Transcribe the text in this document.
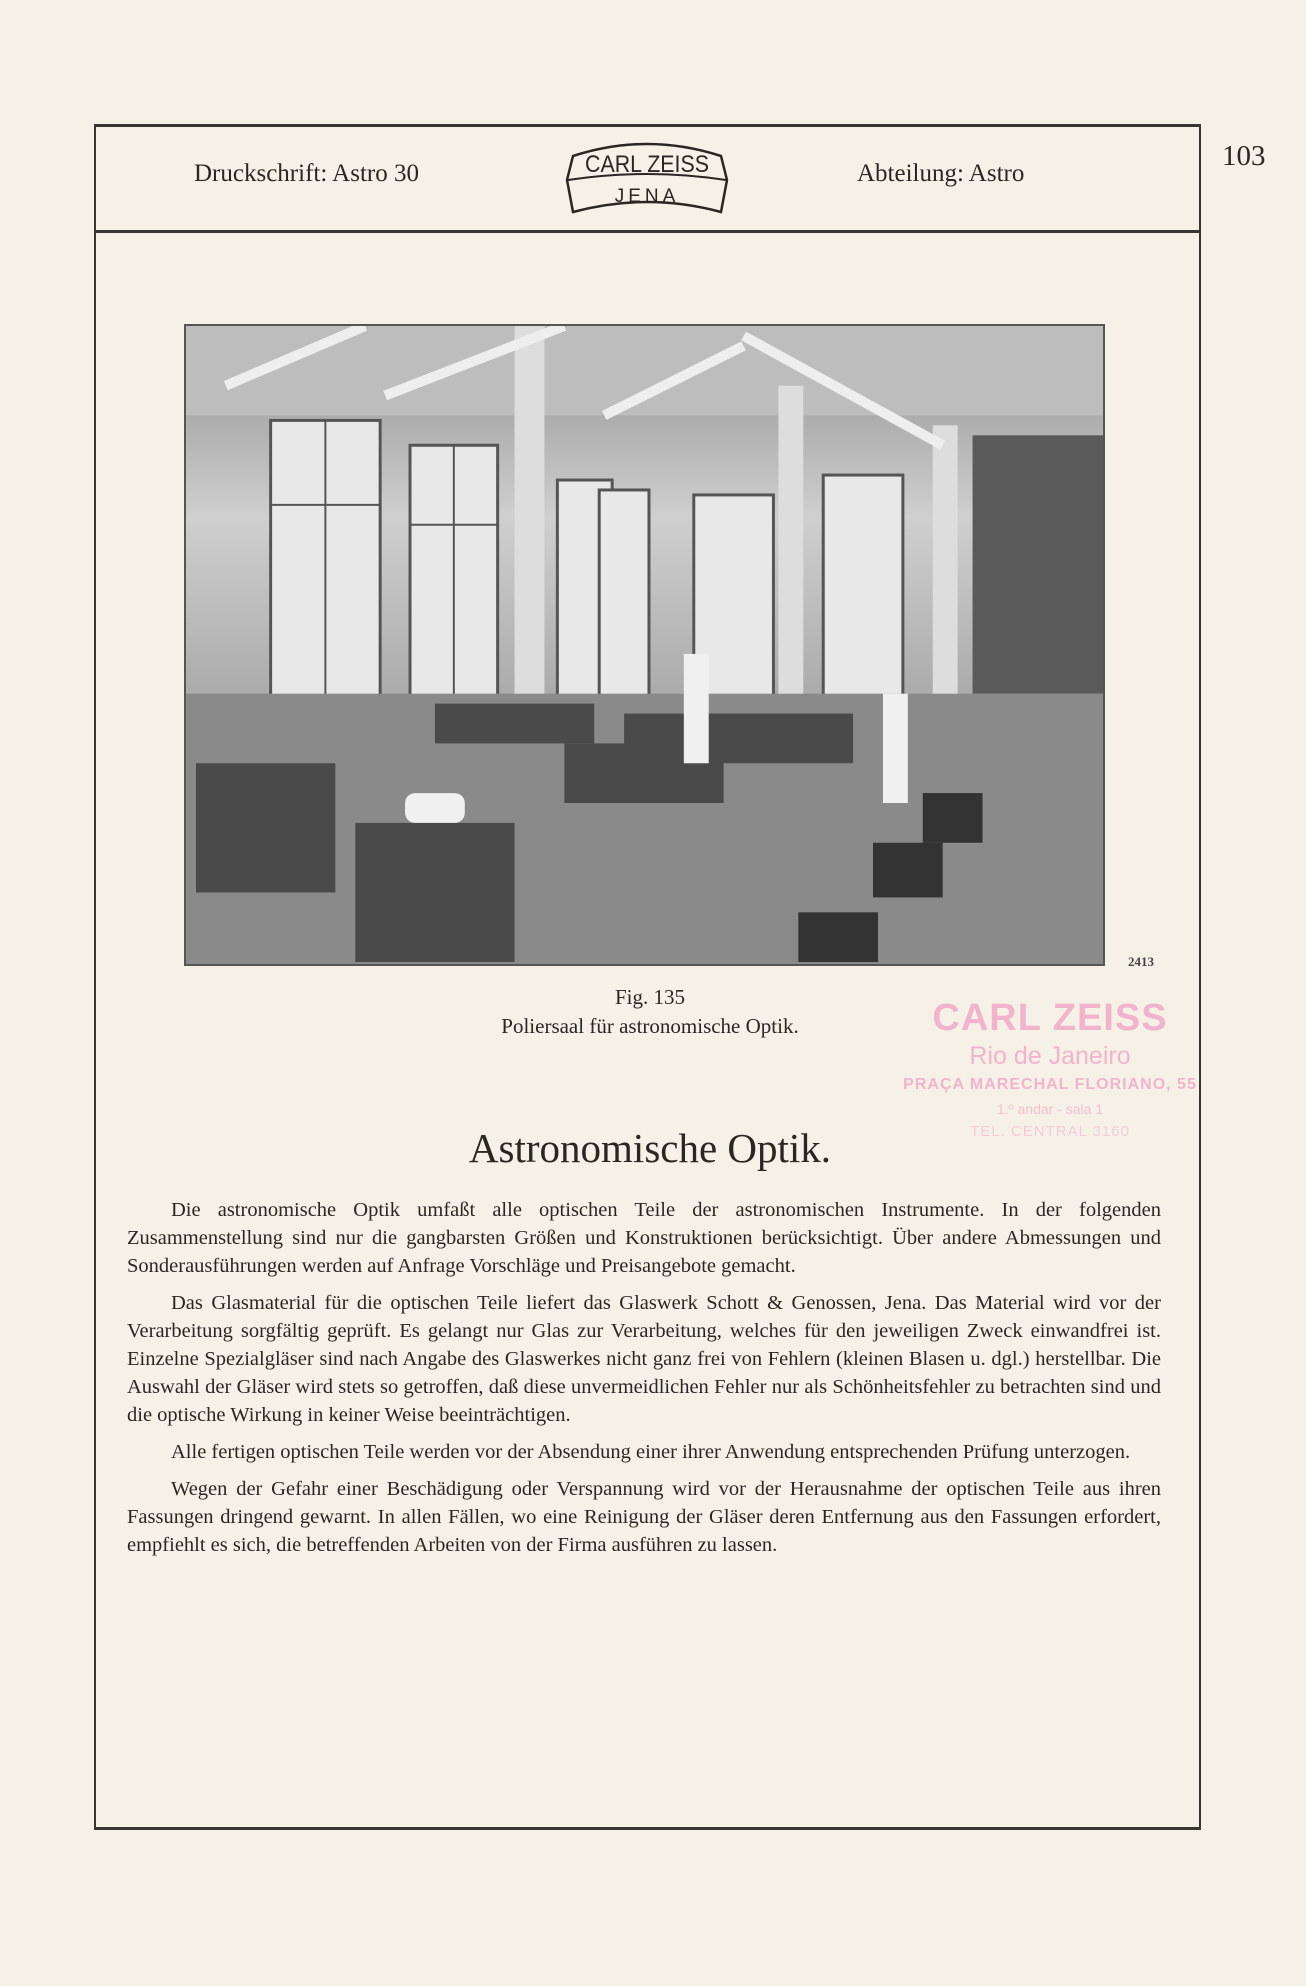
Druckschrift: Astro 30	Abteilung: Astro
103
CARL ZEISS
JENA
2413
Fig. 135
Poliersaal für astronomische Optik.	CARL ZEISS
Rio de Janeiro
PRAÇA MARECHAL FLORIANO, 55
1.º andar - sala 1
TEL. CENTRAL 3160
Astronomische Optik.

Die astronomische Optik umfaßt alle optischen Teile der astronomischen Instrumente. In der folgenden Zusammenstellung sind nur die gangbarsten Größen und Konstruktionen berücksichtigt. Über andere Abmessungen und Sonderausführungen werden auf Anfrage Vorschläge und Preisangebote gemacht.

Das Glasmaterial für die optischen Teile liefert das Glaswerk Schott & Genossen, Jena. Das Material wird vor der Verarbeitung sorgfältig geprüft. Es gelangt nur Glas zur Verarbeitung, welches für den jeweiligen Zweck einwandfrei ist. Einzelne Spezialgläser sind nach Angabe des Glaswerkes nicht ganz frei von Fehlern (kleinen Blasen u. dgl.) herstellbar. Die Auswahl der Gläser wird stets so getroffen, daß diese unvermeidlichen Fehler nur als Schönheitsfehler zu betrachten sind und die optische Wirkung in keiner Weise beeinträchtigen.

Alle fertigen optischen Teile werden vor der Absendung einer ihrer Anwendung entsprechenden Prüfung unterzogen.

Wegen der Gefahr einer Beschädigung oder Verspannung wird vor der Herausnahme der optischen Teile aus ihren Fassungen dringend gewarnt. In allen Fällen, wo eine Reinigung der Gläser deren Entfernung aus den Fassungen erfordert, empfiehlt es sich, die betreffenden Arbeiten von der Firma ausführen zu lassen.
